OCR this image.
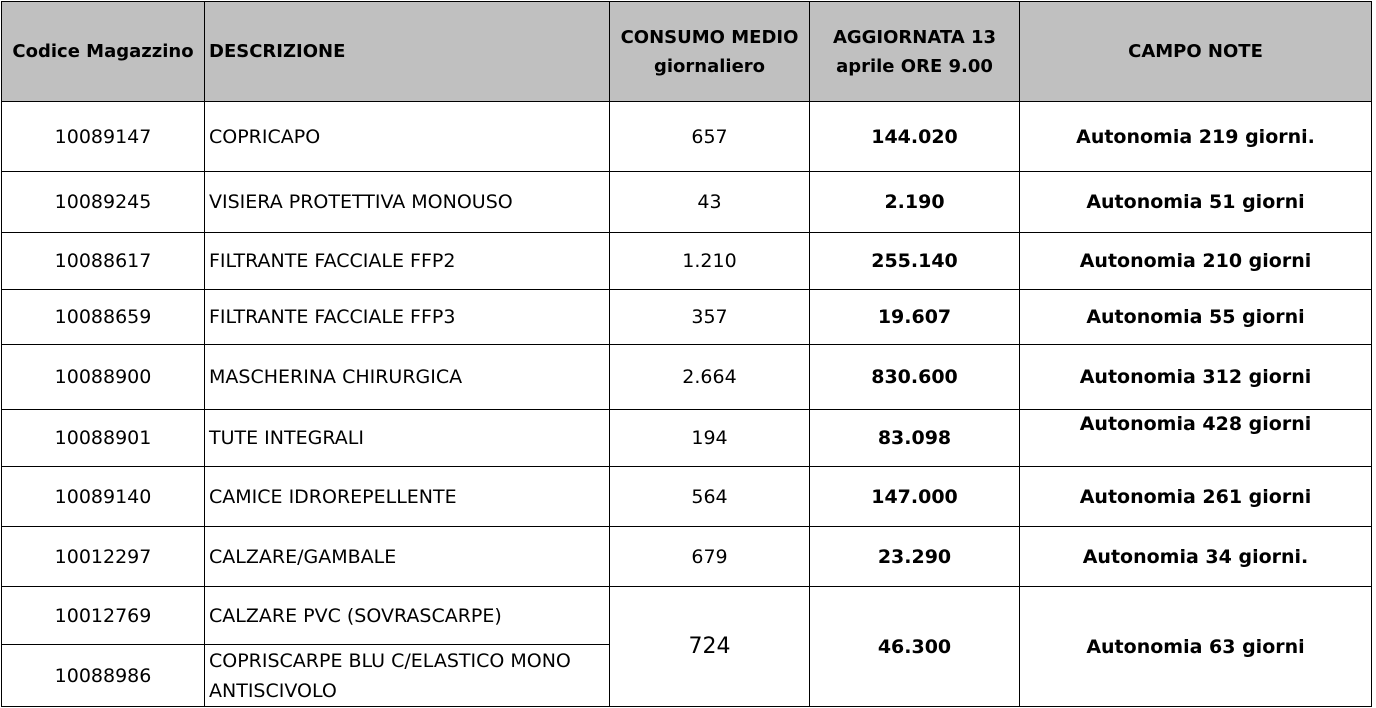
Codice Magazzino	DESCRIZIONE	CONSUMO MEDIO giornaliero	AGGIORNATA 13 aprile ORE 9.00	CAMPO NOTE
10089147	COPRICAPO	657	144.020	Autonomia 219 giorni.
10089245	VISIERA PROTETTIVA MONOUSO	43	2.190	Autonomia 51 giorni
10088617	FILTRANTE FACCIALE FFP2	1.210	255.140	Autonomia 210 giorni
10088659	FILTRANTE FACCIALE FFP3	357	19.607	Autonomia 55 giorni
10088900	MASCHERINA CHIRURGICA	2.664	830.600	Autonomia 312 giorni
10088901	TUTE INTEGRALI	194	83.098	Autonomia 428 giorni
10089140	CAMICE IDROREPELLENTE	564	147.000	Autonomia 261 giorni
10012297	CALZARE/GAMBALE	679	23.290	Autonomia 34 giorni.
10012769	CALZARE PVC (SOVRASCARPE)	724	46.300	Autonomia 63 giorni
10088986	COPRISCARPE BLU C/ELASTICO MONO ANTISCIVOLO			
